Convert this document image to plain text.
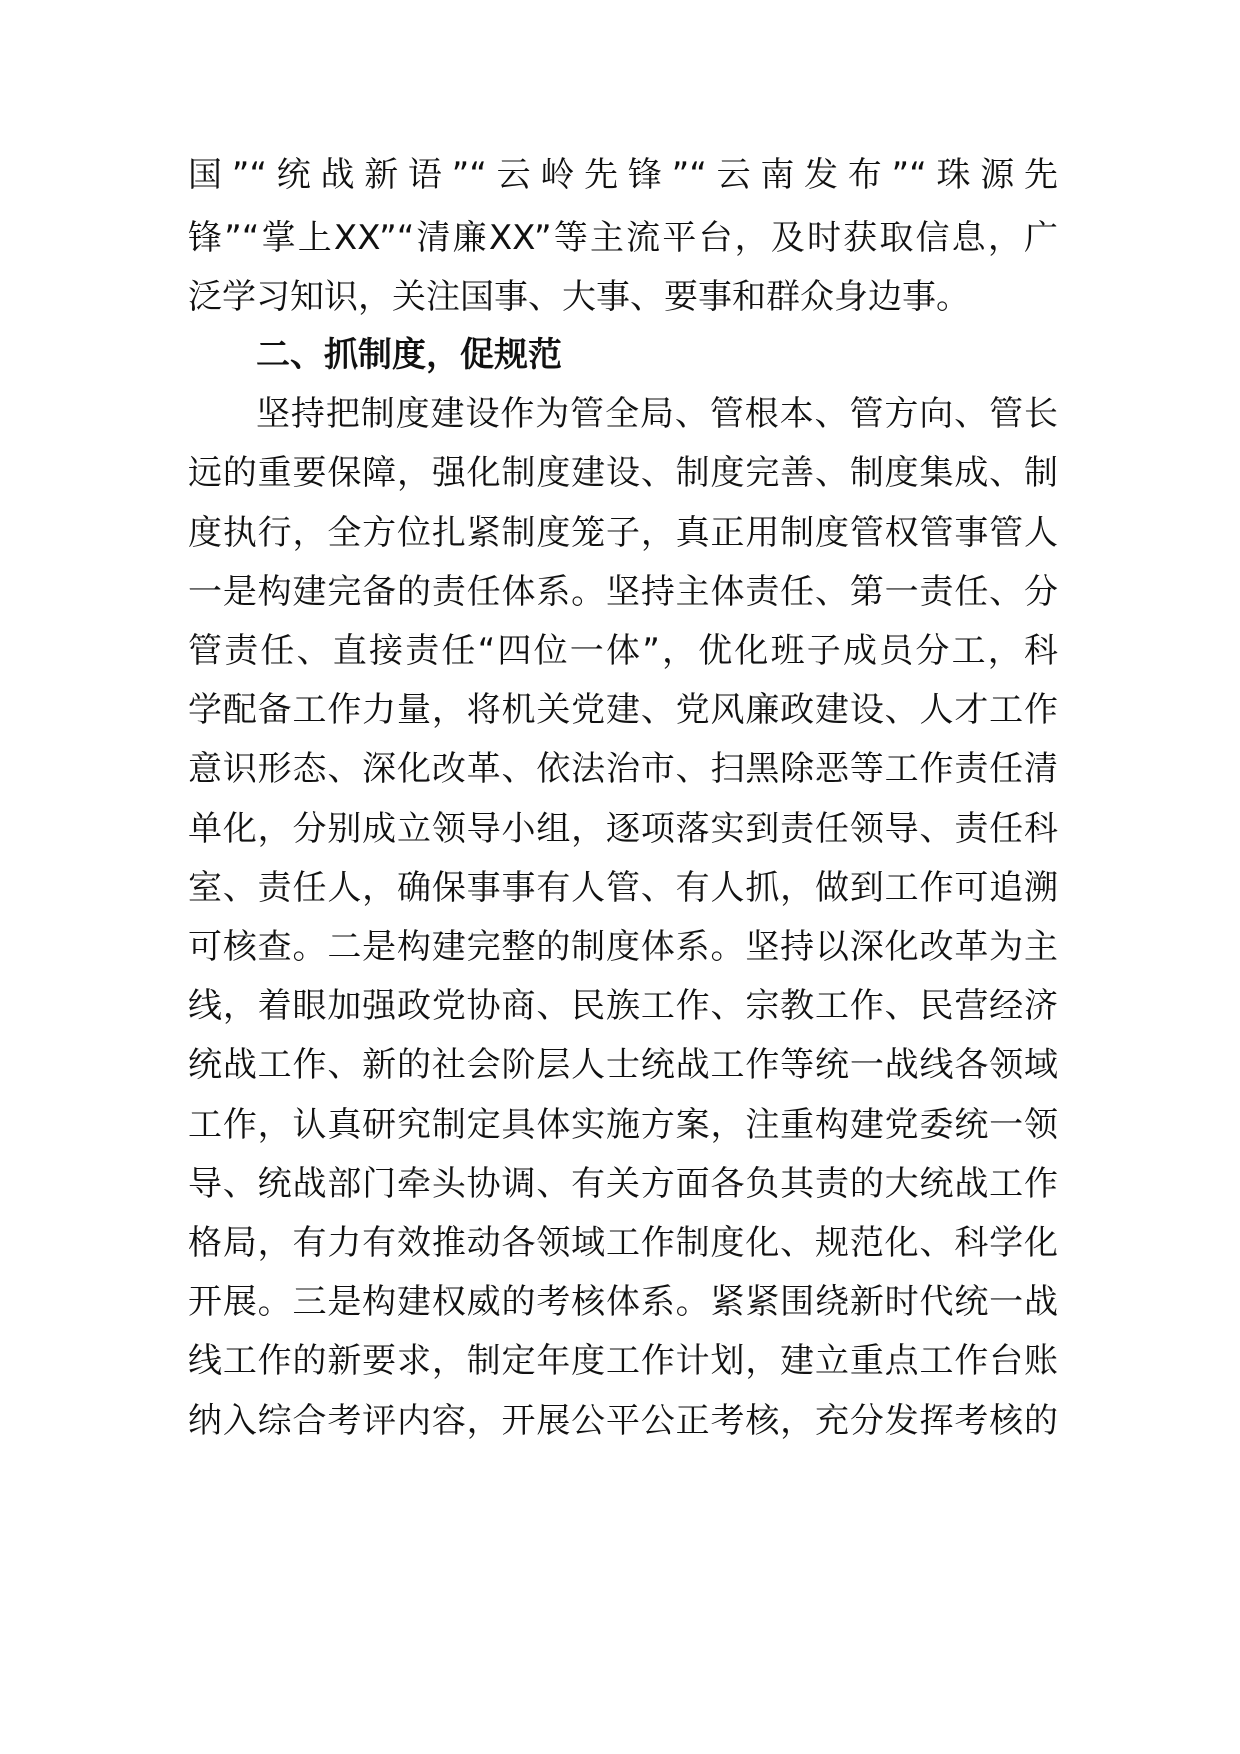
国”“统战新语”“云岭先锋”“云南发布”“珠源先
锋”“掌上XX”“清廉XX”等主流平台，及时获取信息，广
泛学习知识，关注国事、大事、要事和群众身边事。
二、抓制度，促规范
坚持把制度建设作为管全局、管根本、管方向、管长
远的重要保障，强化制度建设、制度完善、制度集成、制
度执行，全方位扎紧制度笼子，真正用制度管权管事管人
一是构建完备的责任体系。坚持主体责任、第一责任、分
管责任、直接责任“四位一体”，优化班子成员分工，科
学配备工作力量，将机关党建、党风廉政建设、人才工作
意识形态、深化改革、依法治市、扫黑除恶等工作责任清
单化，分别成立领导小组，逐项落实到责任领导、责任科
室、责任人，确保事事有人管、有人抓，做到工作可追溯
可核查。二是构建完整的制度体系。坚持以深化改革为主
线，着眼加强政党协商、民族工作、宗教工作、民营经济
统战工作、新的社会阶层人士统战工作等统一战线各领域
工作，认真研究制定具体实施方案，注重构建党委统一领
导、统战部门牵头协调、有关方面各负其责的大统战工作
格局，有力有效推动各领域工作制度化、规范化、科学化
开展。三是构建权威的考核体系。紧紧围绕新时代统一战
线工作的新要求，制定年度工作计划，建立重点工作台账
纳入综合考评内容，开展公平公正考核，充分发挥考核的
